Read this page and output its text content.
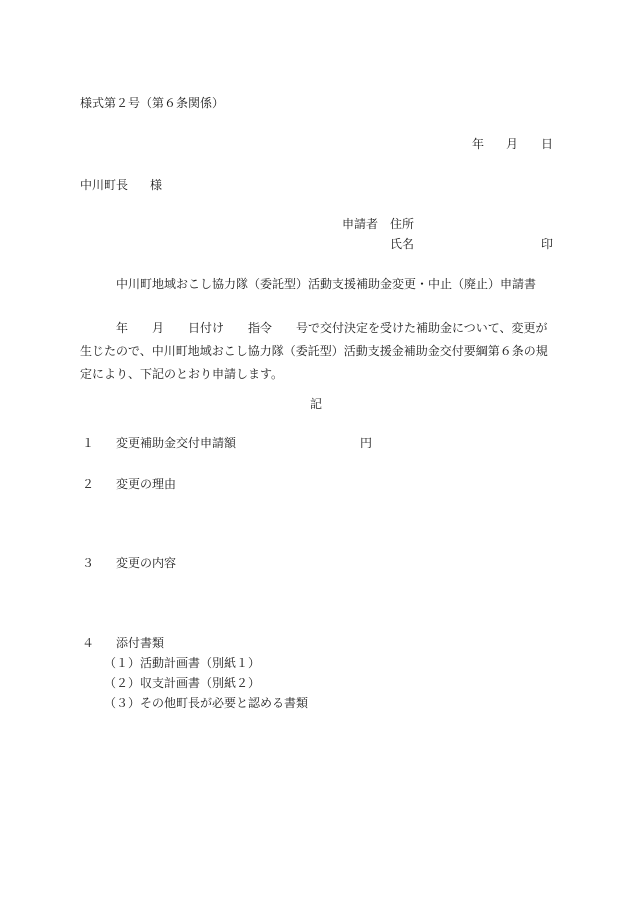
様式第２号（第６条関係）
年 月 日
中川町長 様
申請者 住所
氏名	印
中川町地域おこし協力隊（委託型）活動支援補助金変更・中止（廃止）申請書
年　　月　　日付け　　指令　　号で交付決定を受けた補助金について、変更が生じたので、中川町地域おこし協力隊（委託型）活動支援金補助金交付要綱第６条の規定により、下記のとおり申請します。
記
１ 変更補助金交付申請額	円
２ 変更の理由
３ 変更の内容
４ 添付書類
（１）活動計画書（別紙１）
（２）収支計画書（別紙２）
（３）その他町長が必要と認める書類
